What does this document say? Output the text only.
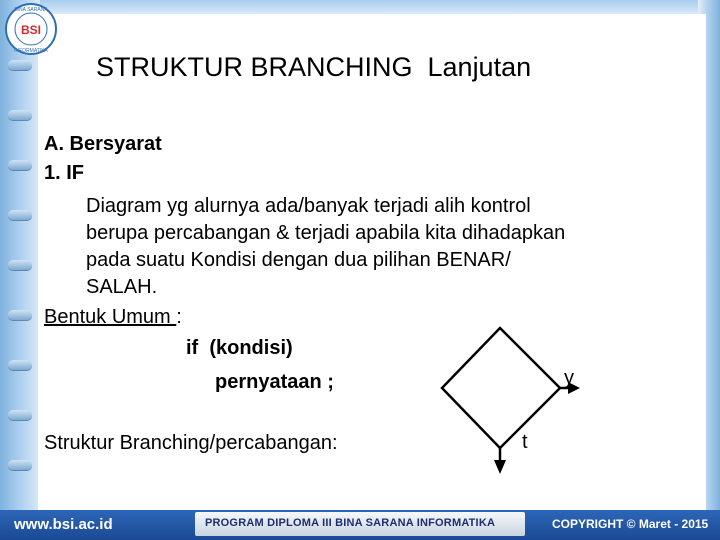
BSI
BINA SARANA
INFORMATIKA
STRUKTUR BRANCHING  Lanjutan
A. Bersyarat
1. IF
Diagram yg alurnya ada/banyak terjadi alih kontrol
berupa percabangan & terjadi apabila kita dihadapkan
pada suatu Kondisi dengan dua pilihan BENAR/
SALAH.
Bentuk Umum :
if  (kondisi)
pernyataan ;
Struktur Branching/percabangan:
y
t
www.bsi.ac.id	PROGRAM DIPLOMA III BINA SARANA INFORMATIKA	COPYRIGHT © Maret - 2015
